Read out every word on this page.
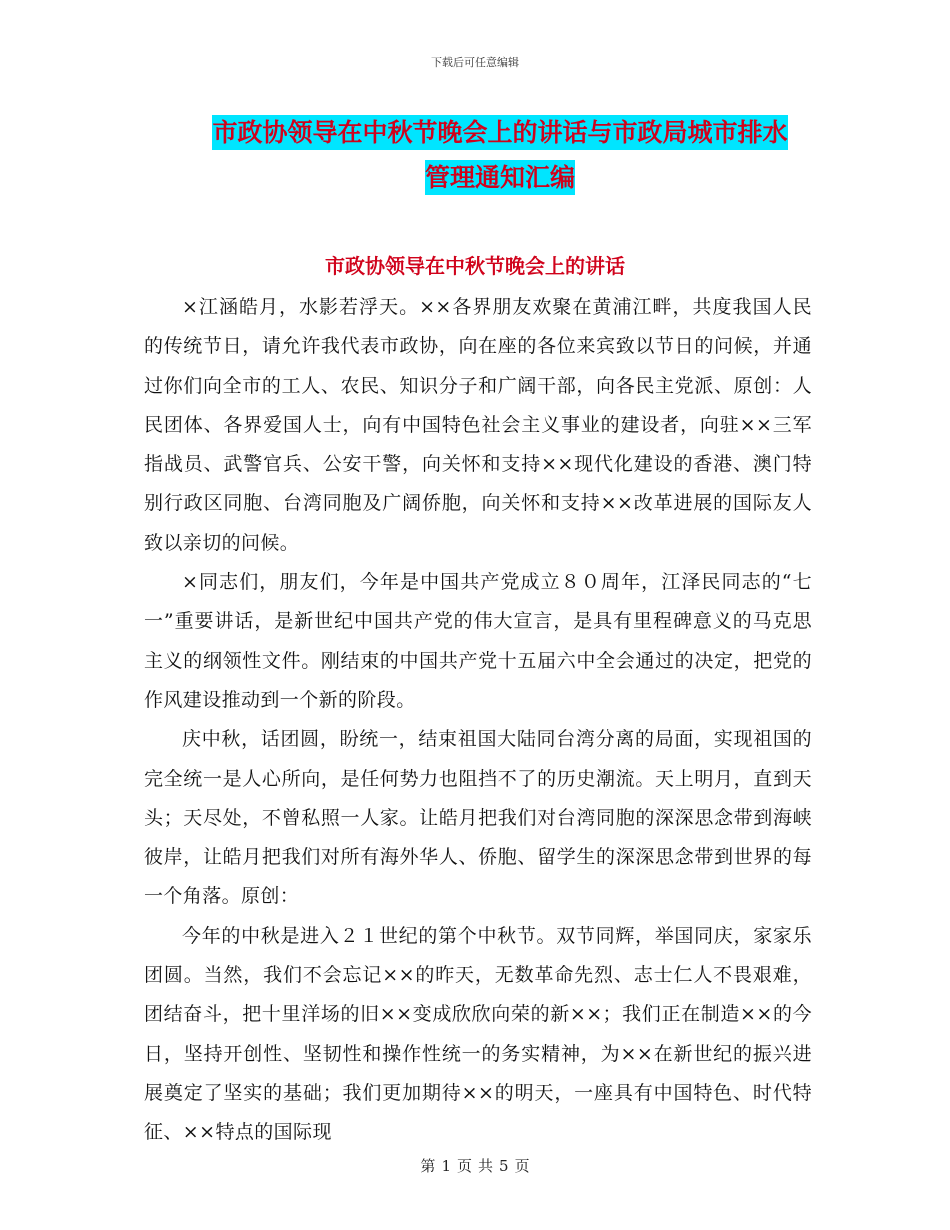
下载后可任意编辑
市政协领导在中秋节晚会上的讲话与市政局城市排水
管理通知汇编
市政协领导在中秋节晚会上的讲话

×江涵皓月，水影若浮天。××各界朋友欢聚在黄浦江畔，共度我国人民的传统节日，请允许我代表市政协，向在座的各位来宾致以节日的问候，并通过你们向全市的工人、农民、知识分子和广阔干部，向各民主党派、原创：人民团体、各界爱国人士，向有中国特色社会主义事业的建设者，向驻××三军指战员、武警官兵、公安干警，向关怀和支持××现代化建设的香港、澳门特别行政区同胞、台湾同胞及广阔侨胞，向关怀和支持××改革进展的国际友人致以亲切的问候。

×同志们，朋友们，今年是中国共产党成立８０周年，江泽民同志的“七一”重要讲话，是新世纪中国共产党的伟大宣言，是具有里程碑意义的马克思主义的纲领性文件。刚结束的中国共产党十五届六中全会通过的决定，把党的作风建设推动到一个新的阶段。

庆中秋，话团圆，盼统一，结束祖国大陆同台湾分离的局面，实现祖国的完全统一是人心所向，是任何势力也阻挡不了的历史潮流。天上明月，直到天头；天尽处，不曾私照一人家。让皓月把我们对台湾同胞的深深思念带到海峡彼岸，让皓月把我们对所有海外华人、侨胞、留学生的深深思念带到世界的每一个角落。原创：

今年的中秋是进入２１世纪的第个中秋节。双节同辉，举国同庆，家家乐团圆。当然，我们不会忘记××的昨天，无数革命先烈、志士仁人不畏艰难，团结奋斗，把十里洋场的旧××变成欣欣向荣的新××；我们正在制造××的今日，坚持开创性、坚韧性和操作性统一的务实精神，为××在新世纪的振兴进展奠定了坚实的基础；我们更加期待××的明天，一座具有中国特色、时代特征、××特点的国际现

第 1 页 共 5 页
